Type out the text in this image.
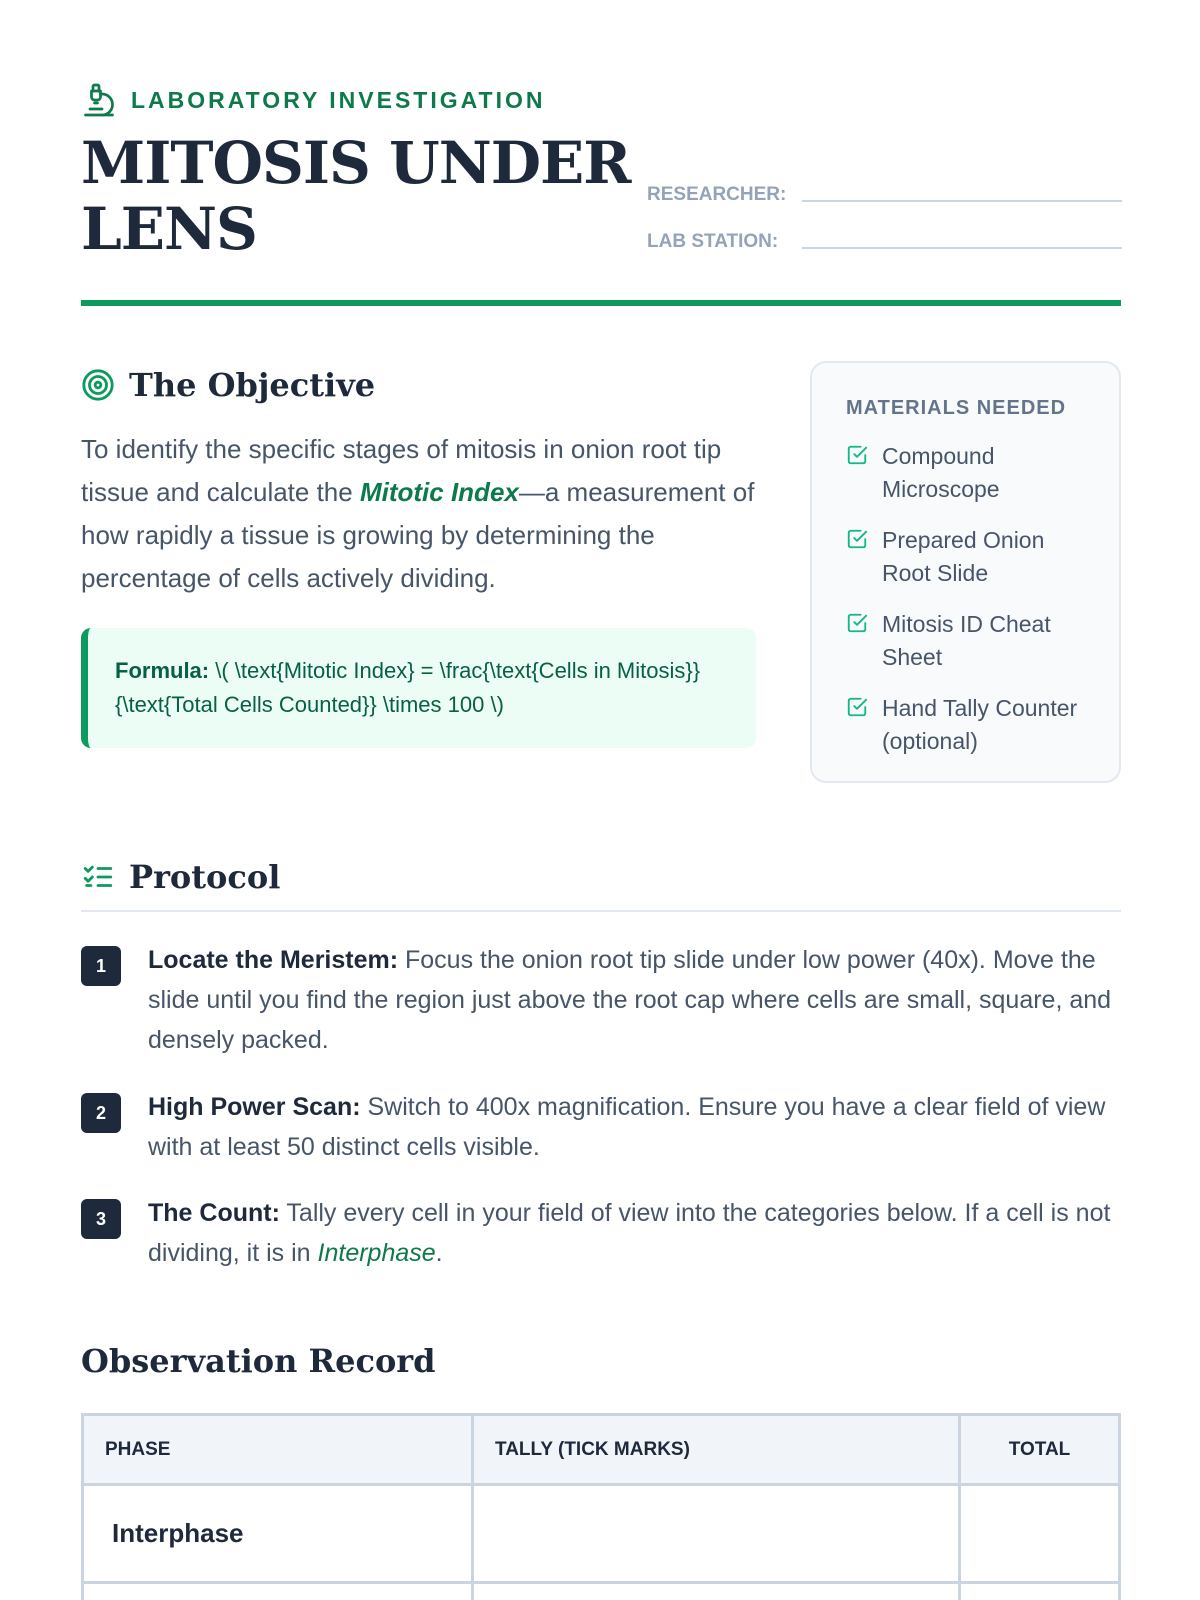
LABORATORY INVESTIGATION
MITOSIS UNDER LENS
RESEARCHER:
LAB STATION:
The Objective

To identify the specific stages of mitosis in onion root tip tissue and calculate the Mitotic Index—a measurement of how rapidly a tissue is growing by determining the percentage of cells actively dividing.

Formula: \( \text{Mitotic Index} = \frac{\text{Cells in Mitosis}}{\text{Total Cells Counted}} \times 100 \)
MATERIALS NEEDED
Compound Microscope
Prepared Onion Root Slide
Mitosis ID Cheat Sheet
Hand Tally Counter (optional)
Protocol
1	Locate the Meristem: Focus the onion root tip slide under low power (40x). Move the slide until you find the region just above the root cap where cells are small, square, and densely packed.

2	High Power Scan: Switch to 400x magnification. Ensure you have a clear field of view with at least 50 distinct cells visible.

3	The Count: Tally every cell in your field of view into the categories below. If a cell is not dividing, it is in Interphase.

Observation Record
PHASE	TALLY (TICK MARKS)	TOTAL
Interphase
